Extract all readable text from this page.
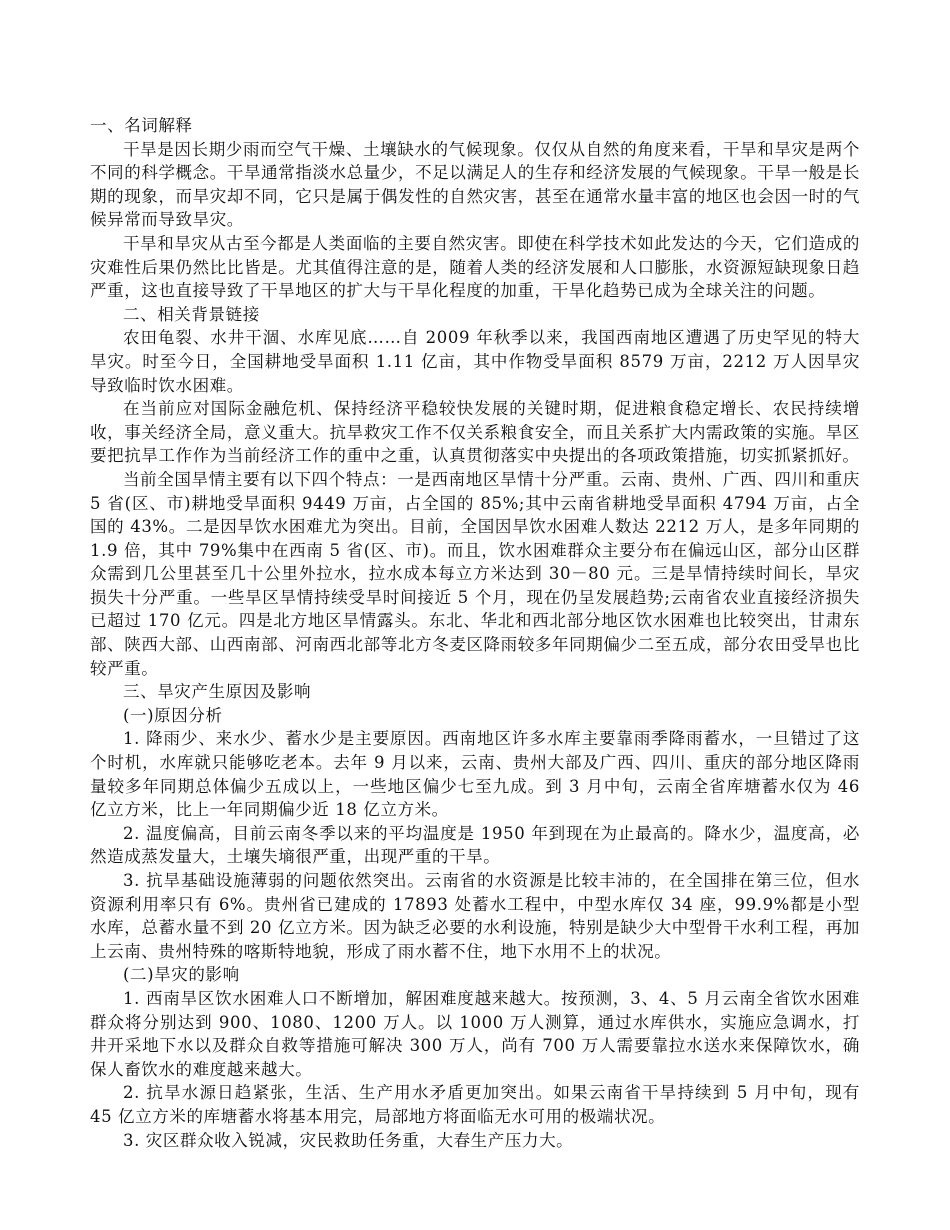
一、名词解释

干旱是因长期少雨而空气干燥、土壤缺水的气候现象。仅仅从自然的角度来看，干旱和旱灾是两个不同的科学概念。干旱通常指淡水总量少，不足以满足人的生存和经济发展的气候现象。干旱一般是长期的现象，而旱灾却不同，它只是属于偶发性的自然灾害，甚至在通常水量丰富的地区也会因一时的气候异常而导致旱灾。

干旱和旱灾从古至今都是人类面临的主要自然灾害。即使在科学技术如此发达的今天，它们造成的灾难性后果仍然比比皆是。尤其值得注意的是，随着人类的经济发展和人口膨胀，水资源短缺现象日趋严重，这也直接导致了干旱地区的扩大与干旱化程度的加重，干旱化趋势已成为全球关注的问题。

二、相关背景链接

农田龟裂、水井干涸、水库见底……自 2009 年秋季以来，我国西南地区遭遇了历史罕见的特大旱灾。时至今日，全国耕地受旱面积 1.11 亿亩，其中作物受旱面积 8579 万亩，2212 万人因旱灾导致临时饮水困难。

在当前应对国际金融危机、保持经济平稳较快发展的关键时期，促进粮食稳定增长、农民持续增收，事关经济全局，意义重大。抗旱救灾工作不仅关系粮食安全，而且关系扩大内需政策的实施。旱区要把抗旱工作作为当前经济工作的重中之重，认真贯彻落实中央提出的各项政策措施，切实抓紧抓好。

当前全国旱情主要有以下四个特点：一是西南地区旱情十分严重。云南、贵州、广西、四川和重庆 5 省(区、市)耕地受旱面积 9449 万亩，占全国的 85%;其中云南省耕地受旱面积 4794 万亩，占全国的 43%。二是因旱饮水困难尤为突出。目前，全国因旱饮水困难人数达 2212 万人，是多年同期的 1.9 倍，其中 79%集中在西南 5 省(区、市)。而且，饮水困难群众主要分布在偏远山区，部分山区群众需到几公里甚至几十公里外拉水，拉水成本每立方米达到 30－80 元。三是旱情持续时间长，旱灾损失十分严重。一些旱区旱情持续受旱时间接近 5 个月，现在仍呈发展趋势;云南省农业直接经济损失已超过 170 亿元。四是北方地区旱情露头。东北、华北和西北部分地区饮水困难也比较突出，甘肃东部、陕西大部、山西南部、河南西北部等北方冬麦区降雨较多年同期偏少二至五成，部分农田受旱也比较严重。

三、旱灾产生原因及影响

(一)原因分析

1. 降雨少、来水少、蓄水少是主要原因。西南地区许多水库主要靠雨季降雨蓄水，一旦错过了这个时机，水库就只能够吃老本。去年 9 月以来，云南、贵州大部及广西、四川、重庆的部分地区降雨量较多年同期总体偏少五成以上，一些地区偏少七至九成。到 3 月中旬，云南全省库塘蓄水仅为 46 亿立方米，比上一年同期偏少近 18 亿立方米。

2. 温度偏高，目前云南冬季以来的平均温度是 1950 年到现在为止最高的。降水少，温度高，必然造成蒸发量大，土壤失墒很严重，出现严重的干旱。

3. 抗旱基础设施薄弱的问题依然突出。云南省的水资源是比较丰沛的，在全国排在第三位，但水资源利用率只有 6%。贵州省已建成的 17893 处蓄水工程中，中型水库仅 34 座，99.9%都是小型水库，总蓄水量不到 20 亿立方米。因为缺乏必要的水利设施，特别是缺少大中型骨干水利工程，再加上云南、贵州特殊的喀斯特地貌，形成了雨水蓄不住，地下水用不上的状况。

(二)旱灾的影响

1. 西南旱区饮水困难人口不断增加，解困难度越来越大。按预测，3、4、5 月云南全省饮水困难群众将分别达到 900、1080、1200 万人。以 1000 万人测算，通过水库供水，实施应急调水，打井开采地下水以及群众自救等措施可解决 300 万人，尚有 700 万人需要靠拉水送水来保障饮水，确保人畜饮水的难度越来越大。

2. 抗旱水源日趋紧张，生活、生产用水矛盾更加突出。如果云南省干旱持续到 5 月中旬，现有 45 亿立方米的库塘蓄水将基本用完，局部地方将面临无水可用的极端状况。

3. 灾区群众收入锐减，灾民救助任务重，大春生产压力大。
